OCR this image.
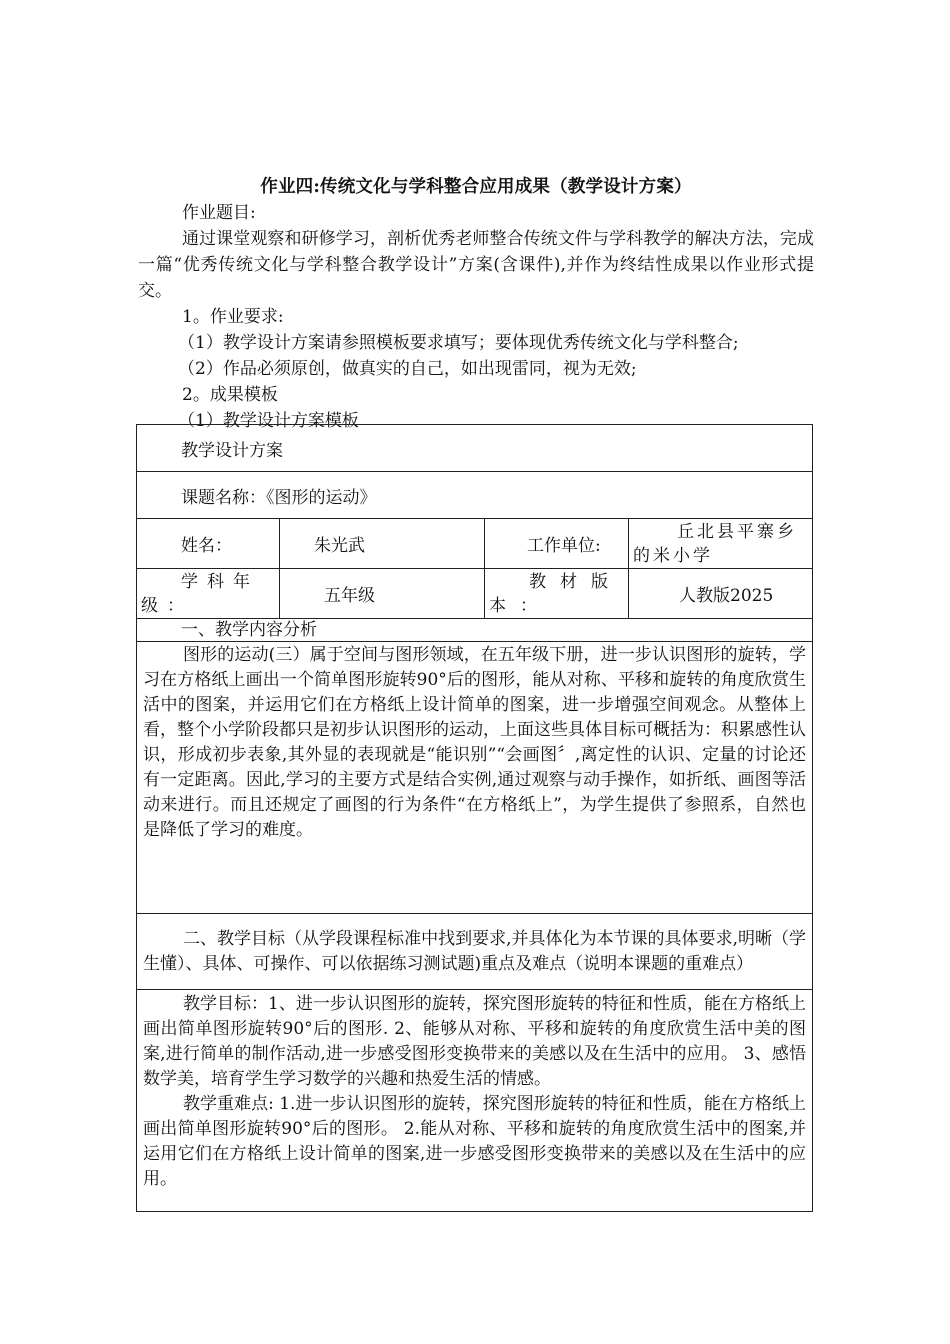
作业四:传统文化与学科整合应用成果（教学设计方案）

作业题目:

通过课堂观察和研修学习，剖析优秀老师整合传统文件与学科教学的解决方法，完成一篇“优秀传统文化与学科整合教学设计”方案(含课件),并作为终结性成果以作业形式提交。

1。作业要求:

（1）教学设计方案请参照模板要求填写；要体现优秀传统文化与学科整合;

（2）作品必须原创，做真实的自己，如出现雷同，视为无效;

2。成果模板

（1）教学设计方案模板

教学设计方案			
课题名称：《图形的运动》			
姓名：	朱光武	工作单位:	丘北县平寨乡的米小学

学科年级：	五年级	教材版本：	人教版2025
一、教学内容分析			

图形的运动(三）属于空间与图形领域，在五年级下册，进一步认识图形的旋转，学习在方格纸上画出一个简单图形旋转90°后的图形，能从对称、平移和旋转的角度欣赏生活中的图案，并运用它们在方格纸上设计简单的图案，进一步增强空间观念。从整体上看，整个小学阶段都只是初步认识图形的运动，上面这些具体目标可概括为：积累感性认识，形成初步表象,其外显的表现就是“能识别”“会画图〞,离定性的认识、定量的讨论还有一定距离。因此,学习的主要方式是结合实例,通过观察与动手操作，如折纸、画图等活动来进行。而且还规定了画图的行为条件“在方格纸上”，为学生提供了参照系，自然也是降低了学习的难度。			

二、教学目标（从学段课程标准中找到要求,并具体化为本节课的具体要求,明晰（学生懂）、具体、可操作、可以依据练习测试题)重点及难点（说明本课题的重难点）			

教学目标：1、进一步认识图形的旋转，探究图形旋转的特征和性质，能在方格纸上画出简单图形旋转90°后的图形. 2、能够从对称、平移和旋转的角度欣赏生活中美的图案,进行简单的制作活动,进一步感受图形变换带来的美感以及在生活中的应用。 3、感悟数学美，培育学生学习数学的兴趣和热爱生活的情感。

教学重难点: 1.进一步认识图形的旋转，探究图形旋转的特征和性质，能在方格纸上画出简单图形旋转90°后的图形。 2.能从对称、平移和旋转的角度欣赏生活中的图案,并运用它们在方格纸上设计简单的图案,进一步感受图形变换带来的美感以及在生活中的应用。			
